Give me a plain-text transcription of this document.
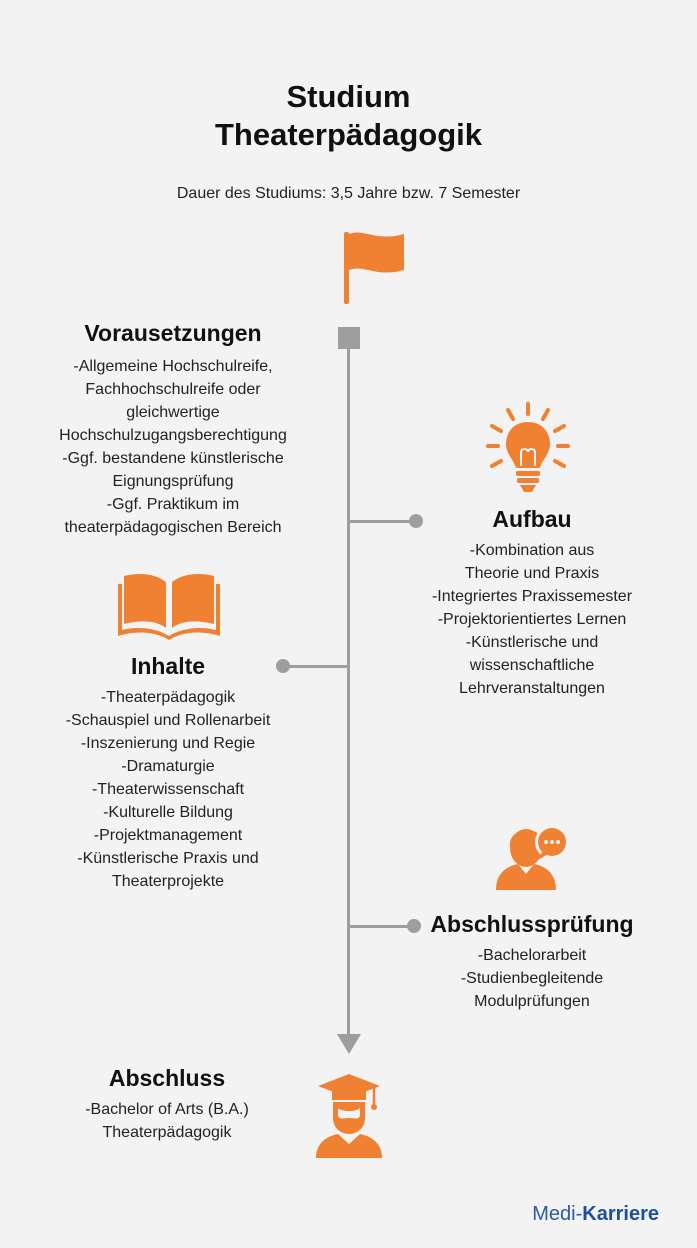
Studium
Theaterpädagogik
Dauer des Studiums: 3,5 Jahre bzw. 7 Semester
Vorausetzungen
-Allgemeine Hochschulreife,
Fachhochschulreife oder
gleichwertige
Hochschulzugangsberechtigung
-Ggf. bestandene künstlerische
Eignungsprüfung
-Ggf. Praktikum im
theaterpädagogischen Bereich	Aufbau
-Kombination aus
Theorie und Praxis
-Integriertes Praxissemester
-Projektorientiertes Lernen
-Künstlerische und
wissenschaftliche
Lehrveranstaltungen
Inhalte
-Theaterpädagogik
-Schauspiel und Rollenarbeit
-Inszenierung und Regie
-Dramaturgie
-Theaterwissenschaft
-Kulturelle Bildung
-Projektmanagement
-Künstlerische Praxis und
Theaterprojekte
Abschlussprüfung
-Bachelorarbeit
-Studienbegleitende
Modulprüfungen
Abschluss
-Bachelor of Arts (B.A.)
Theaterpädagogik
Medi-Karriere
